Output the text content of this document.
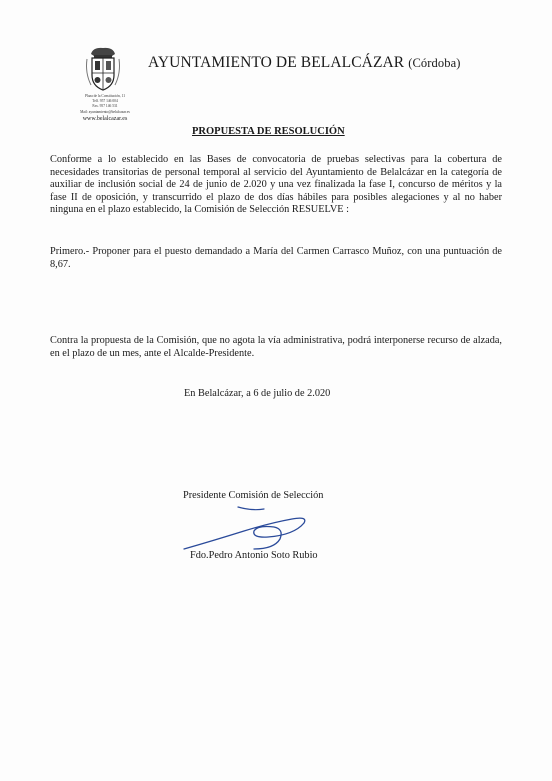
Plaza de la Constitución, 11
Telf. 957 146 004
Fax. 957 146 531
Mail: ayuntamiento@belalcazar.es
www.belalcazar.es
AYUNTAMIENTO DE BELALCÁZAR (Córdoba)
PROPUESTA DE RESOLUCIÓN
Conforme a lo establecido en las Bases de convocatoria de pruebas selectivas para la cobertura de necesidades transitorias de personal temporal al servicio del Ayuntamiento de Belalcázar en la categoría de auxiliar de inclusión social de 24 de junio de 2.020 y una vez finalizada la fase I, concurso de méritos y la fase II de oposición, y transcurrido el plazo de dos días hábiles para posibles alegaciones y al no haber ninguna en el plazo establecido, la Comisión de Selección RESUELVE :
Primero.- Proponer para el puesto demandado a María del Carmen Carrasco Muñoz, con una puntuación de 8,67.
Contra la propuesta de la Comisión, que no agota la vía administrativa, podrá interponerse recurso de alzada, en el plazo de un mes, ante el Alcalde-Presidente.
En Belalcázar, a 6 de julio de 2.020
Presidente Comisión de Selección
Fdo.Pedro Antonio Soto Rubio
